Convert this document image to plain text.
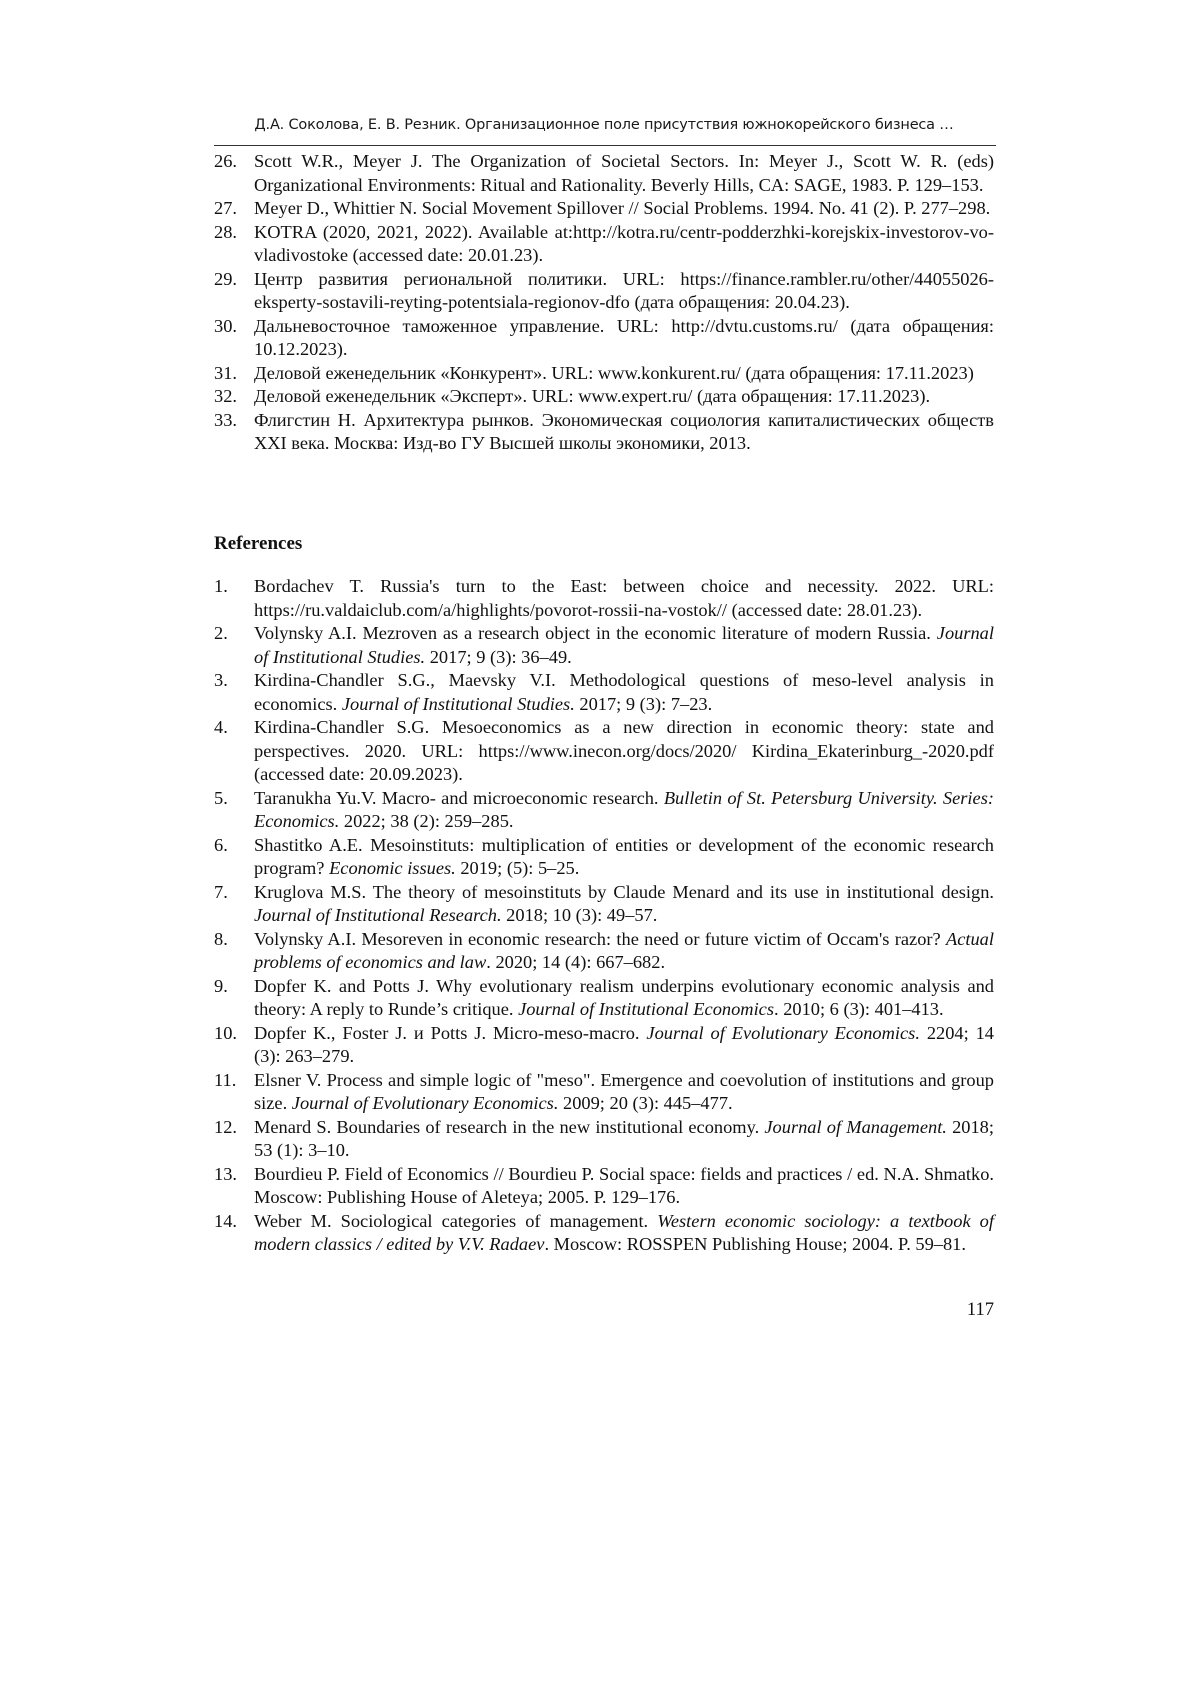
Д.А. Соколова, Е. В. Резник. Организационное поле присутствия южнокорейского бизнеса …
26. Scott W.R., Meyer J. The Organization of Societal Sectors. In: Meyer J., Scott W. R. (eds) Organizational Environments: Ritual and Rationality. Beverly Hills, CA: SAGE, 1983. P. 129–153.
27. Meyer D., Whittier N. Social Movement Spillover // Social Problems. 1994. No. 41 (2). P. 277–298.
28. KOTRA (2020, 2021, 2022). Available at:http://kotra.ru/centr-podderzhki-korejskix-investorov-vo-vladivostoke (accessed date: 20.01.23).
29. Центр развития региональной политики. URL: https://finance.rambler.ru/other/44055026-eksperty-sostavili-reyting-potentsiala-regionov-dfo (дата обращения: 20.04.23).
30. Дальневосточное таможенное управление. URL: http://dvtu.customs.ru/ (дата обращения: 10.12.2023).
31. Деловой еженедельник «Конкурент». URL: www.konkurent.ru/ (дата обращения: 17.11.2023)
32. Деловой еженедельник «Эксперт». URL: www.expert.ru/ (дата обращения: 17.11.2023).
33. Флигстин Н. Архитектура рынков. Экономическая социология капиталистических обществ XXI века. Москва: Изд-во ГУ Высшей школы экономики, 2013.
References
1.	Bordachev T. Russia's turn to the East: between choice and necessity. 2022. URL: https://ru.valdaiclub.com/a/highlights/povorot-rossii-na-vostok// (accessed date: 28.01.23).
2.	Volynsky A.I. Mezroven as a research object in the economic literature of modern Russia. Journal of Institutional Studies. 2017; 9 (3): 36–49.
3.	Kirdina-Chandler S.G., Maevsky V.I. Methodological questions of meso-level analysis in economics. Journal of Institutional Studies. 2017; 9 (3): 7–23.
4.	Kirdina-Chandler S.G. Mesoeconomics as a new direction in economic theory: state and perspectives. 2020. URL: https://www.inecon.org/docs/2020/ Kirdina_Ekaterinburg_-2020.pdf (accessed date: 20.09.2023).
5.	Taranukha Yu.V. Macro- and microeconomic research. Bulletin of St. Petersburg University. Series: Economics. 2022; 38 (2): 259–285.
6.	Shastitko A.E. Mesoinstituts: multiplication of entities or development of the economic research program? Economic issues. 2019; (5): 5–25.
7.	Kruglova M.S. The theory of mesoinstituts by Claude Menard and its use in institutional design. Journal of Institutional Research. 2018; 10 (3): 49–57.
8.	Volynsky A.I. Mesoreven in economic research: the need or future victim of Occam's razor? Actual problems of economics and law. 2020; 14 (4): 667–682.
9.	Dopfer K. and Potts J. Why evolutionary realism underpins evolutionary economic analysis and theory: A reply to Runde’s critique. Journal of Institutional Economics. 2010; 6 (3): 401–413.
10. Dopfer K., Foster J. и Potts J. Micro-meso-macro. Journal of Evolutionary Economics. 2204; 14 (3): 263–279.
11. Elsner V. Process and simple logic of "meso". Emergence and coevolution of institutions and group size. Journal of Evolutionary Economics. 2009; 20 (3): 445–477.
12. Menard S. Boundaries of research in the new institutional economy. Journal of Management. 2018; 53 (1): 3–10.
13. Bourdieu P. Field of Economics // Bourdieu P. Social space: fields and practices / ed. N.A. Shmatko. Moscow: Publishing House of Aleteya; 2005. P. 129–176.
14. Weber M. Sociological categories of management. Western economic sociology: a textbook of modern classics / edited by V.V. Radaev. Moscow: ROSSPEN Publishing House; 2004. P. 59–81.
117
